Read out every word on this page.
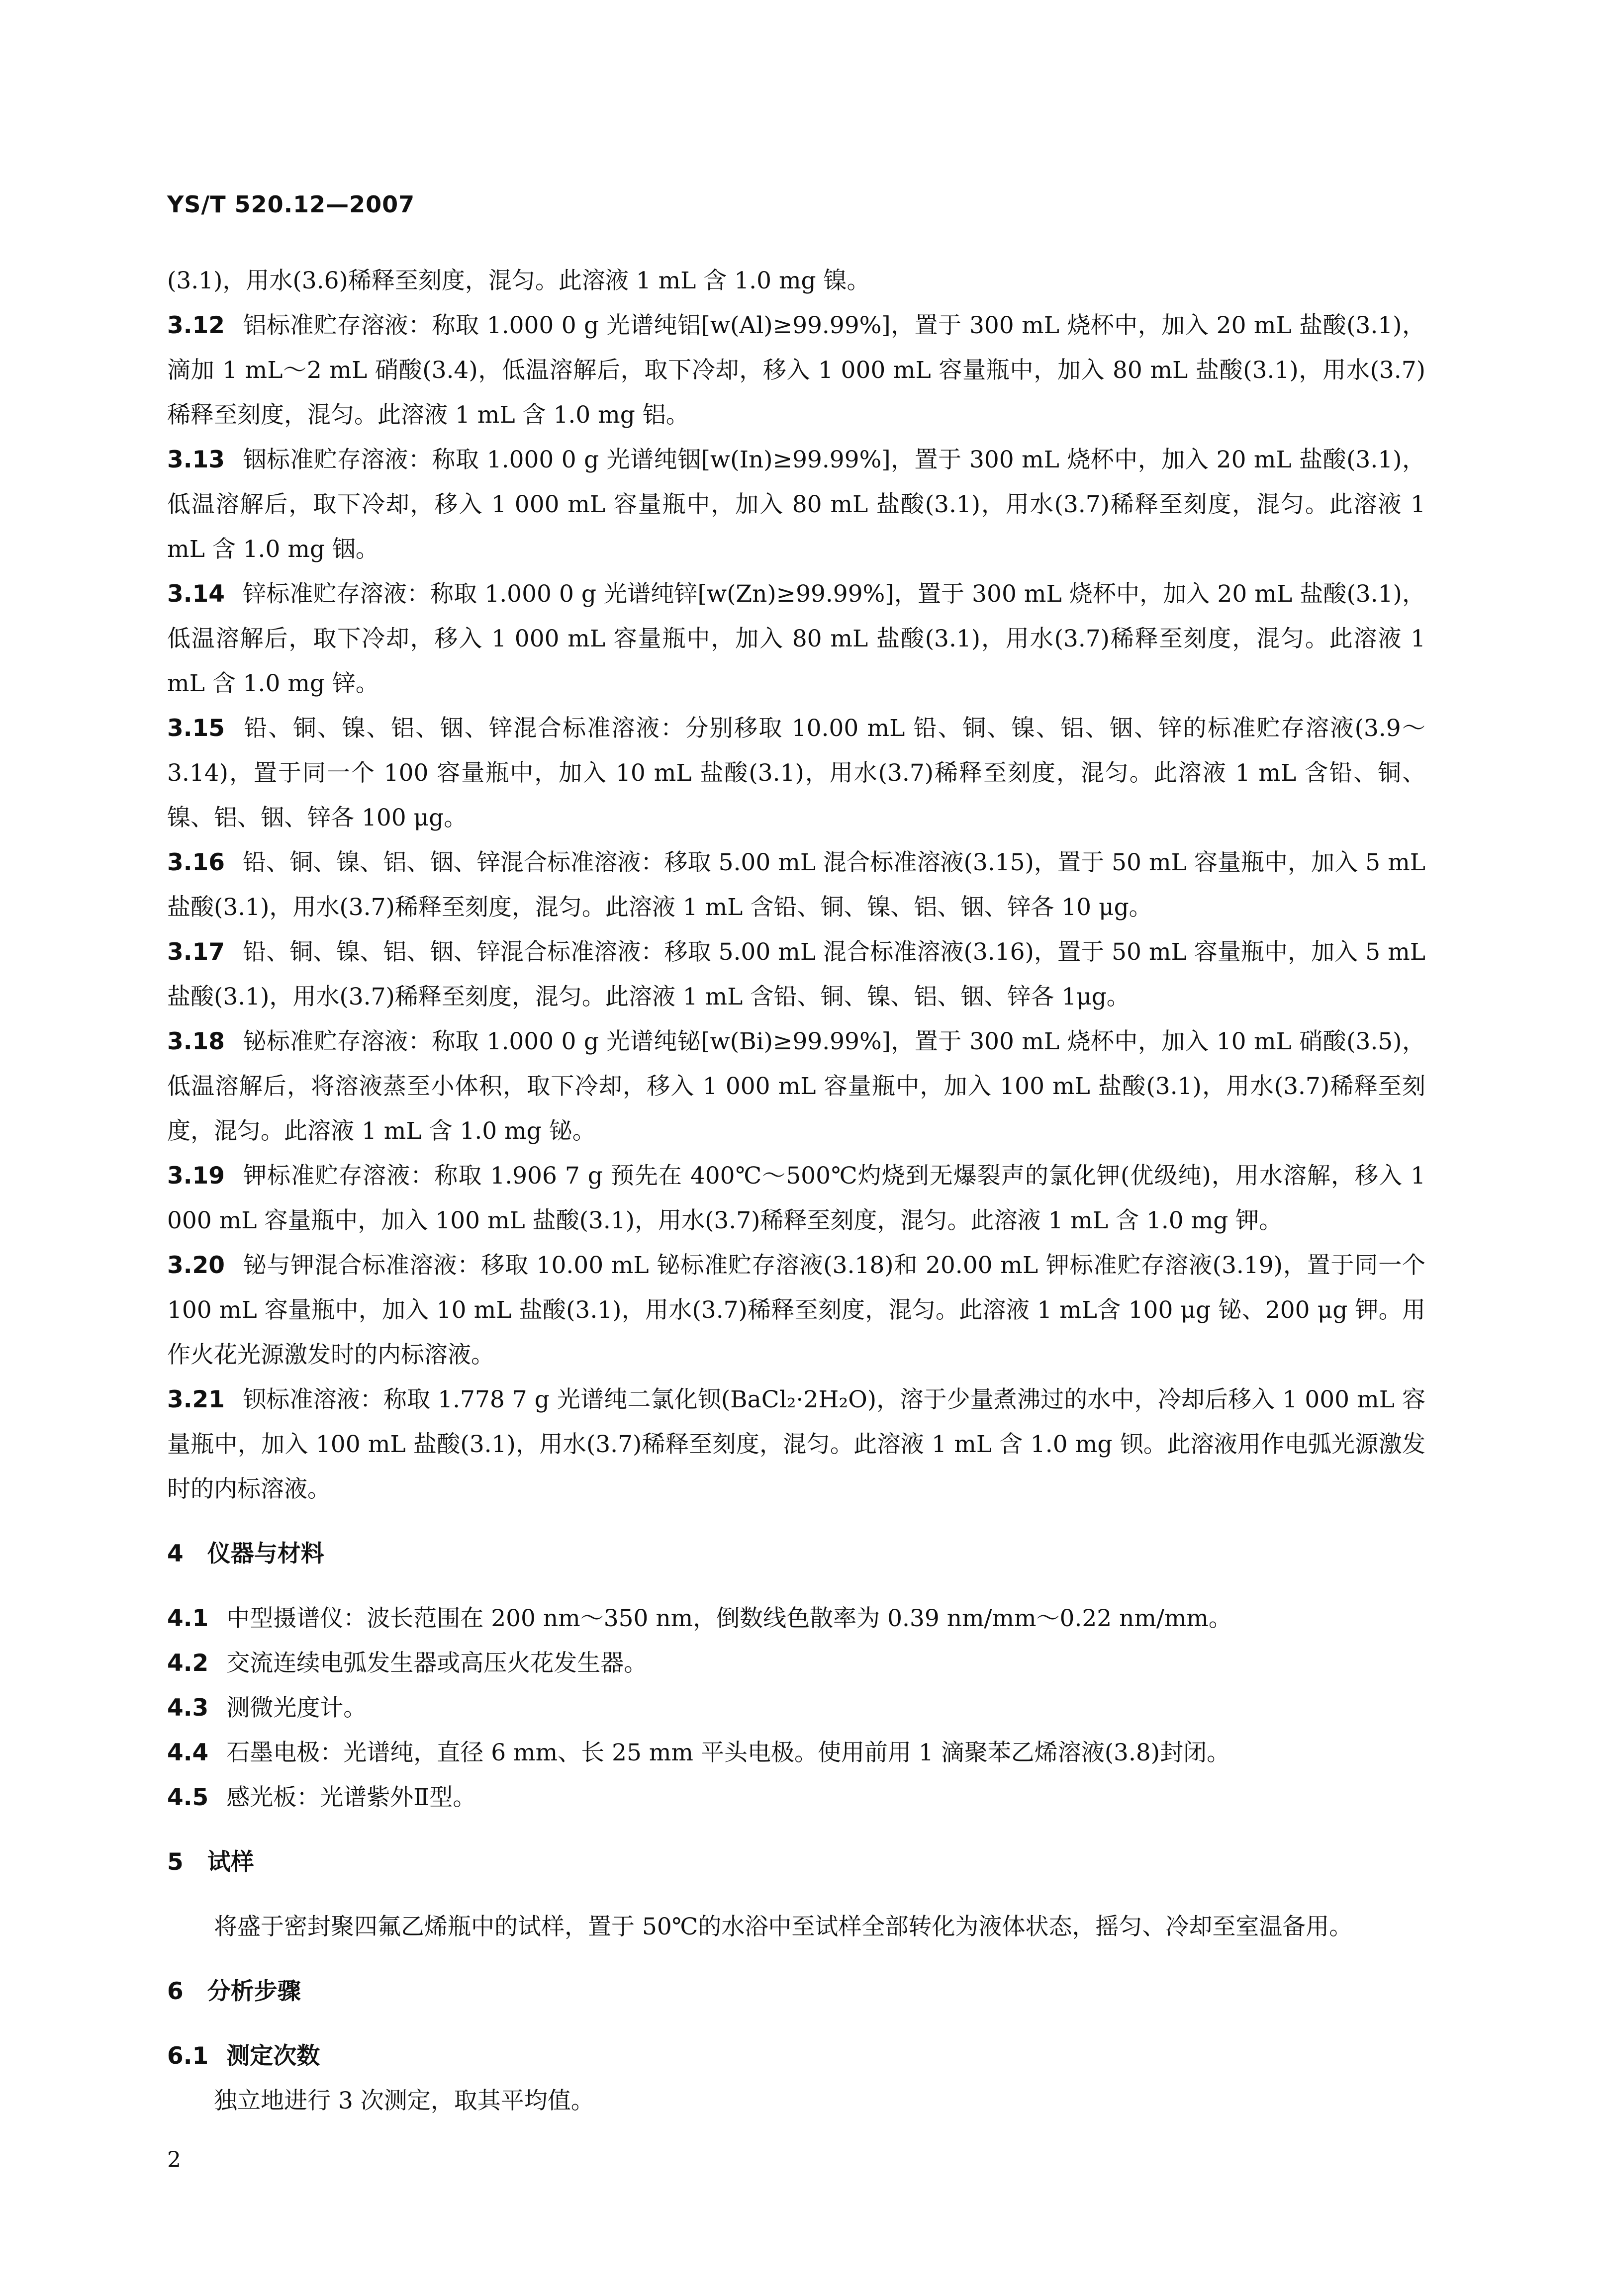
YS/T 520.12—2007

(3.1)，用水(3.6)稀释至刻度，混匀。此溶液 1 mL 含 1.0 mg 镍。

3.12 铝标准贮存溶液：称取 1.000 0 g 光谱纯铝[w(Al)≥99.99%]，置于 300 mL 烧杯中，加入 20 mL 盐酸(3.1)，滴加 1 mL～2 mL 硝酸(3.4)，低温溶解后，取下冷却，移入 1 000 mL 容量瓶中，加入 80 mL 盐酸(3.1)，用水(3.7)稀释至刻度，混匀。此溶液 1 mL 含 1.0 mg 铝。

3.13 铟标准贮存溶液：称取 1.000 0 g 光谱纯铟[w(In)≥99.99%]，置于 300 mL 烧杯中，加入 20 mL 盐酸(3.1)，低温溶解后，取下冷却，移入 1 000 mL 容量瓶中，加入 80 mL 盐酸(3.1)，用水(3.7)稀释至刻度，混匀。此溶液 1 mL 含 1.0 mg 铟。

3.14 锌标准贮存溶液：称取 1.000 0 g 光谱纯锌[w(Zn)≥99.99%]，置于 300 mL 烧杯中，加入 20 mL 盐酸(3.1)，低温溶解后，取下冷却，移入 1 000 mL 容量瓶中，加入 80 mL 盐酸(3.1)，用水(3.7)稀释至刻度，混匀。此溶液 1 mL 含 1.0 mg 锌。

3.15 铅、铜、镍、铝、铟、锌混合标准溶液：分别移取 10.00 mL 铅、铜、镍、铝、铟、锌的标准贮存溶液(3.9～3.14)，置于同一个 100 容量瓶中，加入 10 mL 盐酸(3.1)，用水(3.7)稀释至刻度，混匀。此溶液 1 mL 含铅、铜、镍、铝、铟、锌各 100 μg。

3.16 铅、铜、镍、铝、铟、锌混合标准溶液：移取 5.00 mL 混合标准溶液(3.15)，置于 50 mL 容量瓶中，加入 5 mL 盐酸(3.1)，用水(3.7)稀释至刻度，混匀。此溶液 1 mL 含铅、铜、镍、铝、铟、锌各 10 μg。

3.17 铅、铜、镍、铝、铟、锌混合标准溶液：移取 5.00 mL 混合标准溶液(3.16)，置于 50 mL 容量瓶中，加入 5 mL 盐酸(3.1)，用水(3.7)稀释至刻度，混匀。此溶液 1 mL 含铅、铜、镍、铝、铟、锌各 1μg。

3.18 铋标准贮存溶液：称取 1.000 0 g 光谱纯铋[w(Bi)≥99.99%]，置于 300 mL 烧杯中，加入 10 mL 硝酸(3.5)，低温溶解后，将溶液蒸至小体积，取下冷却，移入 1 000 mL 容量瓶中，加入 100 mL 盐酸(3.1)，用水(3.7)稀释至刻度，混匀。此溶液 1 mL 含 1.0 mg 铋。

3.19 钾标准贮存溶液：称取 1.906 7 g 预先在 400℃～500℃灼烧到无爆裂声的氯化钾(优级纯)，用水溶解，移入 1 000 mL 容量瓶中，加入 100 mL 盐酸(3.1)，用水(3.7)稀释至刻度，混匀。此溶液 1 mL 含 1.0 mg 钾。

3.20 铋与钾混合标准溶液：移取 10.00 mL 铋标准贮存溶液(3.18)和 20.00 mL 钾标准贮存溶液(3.19)，置于同一个 100 mL 容量瓶中，加入 10 mL 盐酸(3.1)，用水(3.7)稀释至刻度，混匀。此溶液 1 mL含 100 μg 铋、200 μg 钾。用作火花光源激发时的内标溶液。

3.21 钡标准溶液：称取 1.778 7 g 光谱纯二氯化钡(BaCl₂·2H₂O)，溶于少量煮沸过的水中，冷却后移入 1 000 mL 容量瓶中，加入 100 mL 盐酸(3.1)，用水(3.7)稀释至刻度，混匀。此溶液 1 mL 含 1.0 mg 钡。此溶液用作电弧光源激发时的内标溶液。

4 仪器与材料

4.1 中型摄谱仪：波长范围在 200 nm～350 nm，倒数线色散率为 0.39 nm/mm～0.22 nm/mm。

4.2 交流连续电弧发生器或高压火花发生器。

4.3 测微光度计。

4.4 石墨电极：光谱纯，直径 6 mm、长 25 mm 平头电极。使用前用 1 滴聚苯乙烯溶液(3.8)封闭。

4.5 感光板：光谱紫外Ⅱ型。

5 试样

将盛于密封聚四氟乙烯瓶中的试样，置于 50℃的水浴中至试样全部转化为液体状态，摇匀、冷却至室温备用。

6 分析步骤

6.1 测定次数

独立地进行 3 次测定，取其平均值。

2
